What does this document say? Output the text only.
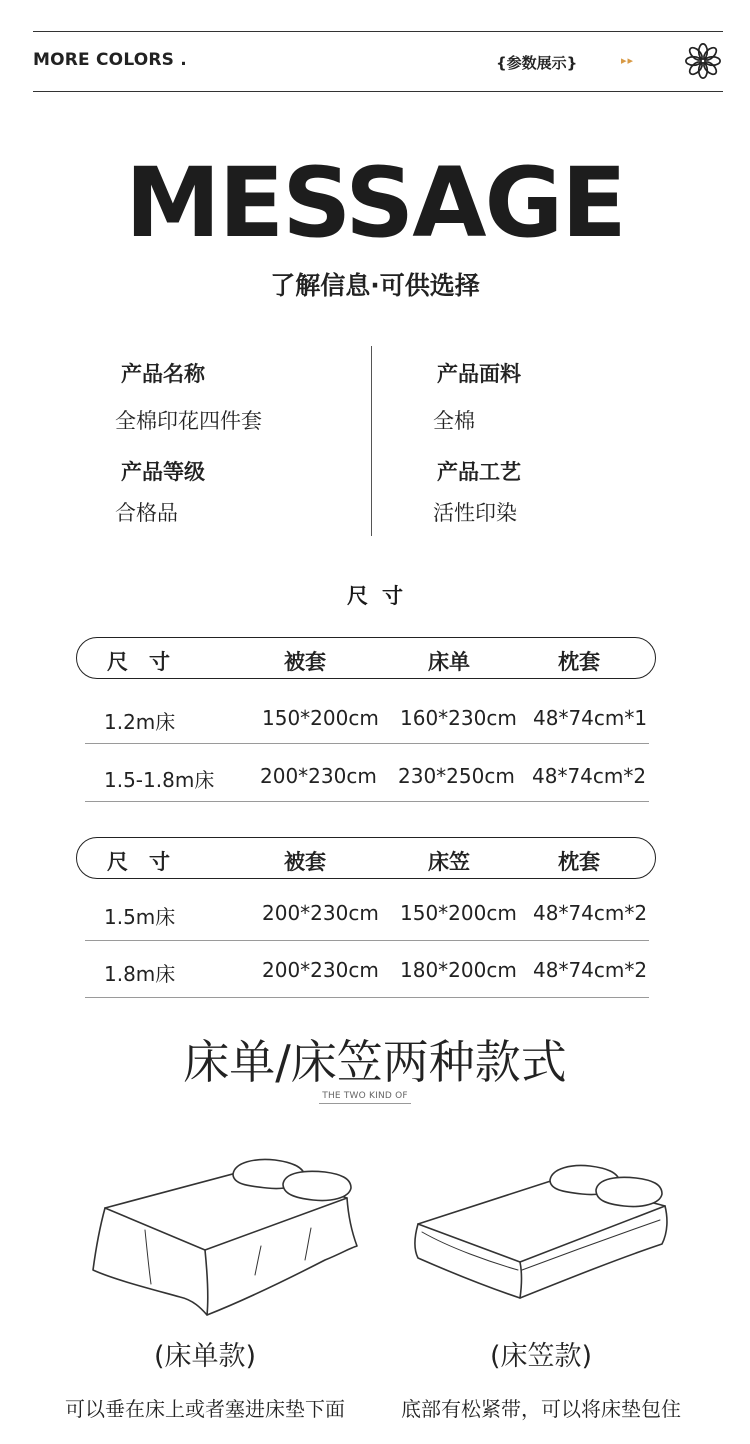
MORE COLORS .	{参数展示}	▸▸
MESSAGE
了解信息·可供选择
产品名称
全棉印花四件套
产品等级
合格品
产品面料
全棉
产品工艺
活性印染
尺寸
尺　寸	被套	床单	枕套
1.2m床	150*200cm 160*230cm 48*74cm*1
1.5-1.8m床 200*230cm 230*250cm 48*74cm*2
尺　寸	被套	床笠	枕套
1.5m床	200*230cm 150*200cm 48*74cm*2
1.8m床	200*230cm 180*200cm 48*74cm*2
床单/床笠两种款式
THE TWO KIND OF
(床单款)	(床笠款)
可以垂在床上或者塞进床垫下面	底部有松紧带，可以将床垫包住
